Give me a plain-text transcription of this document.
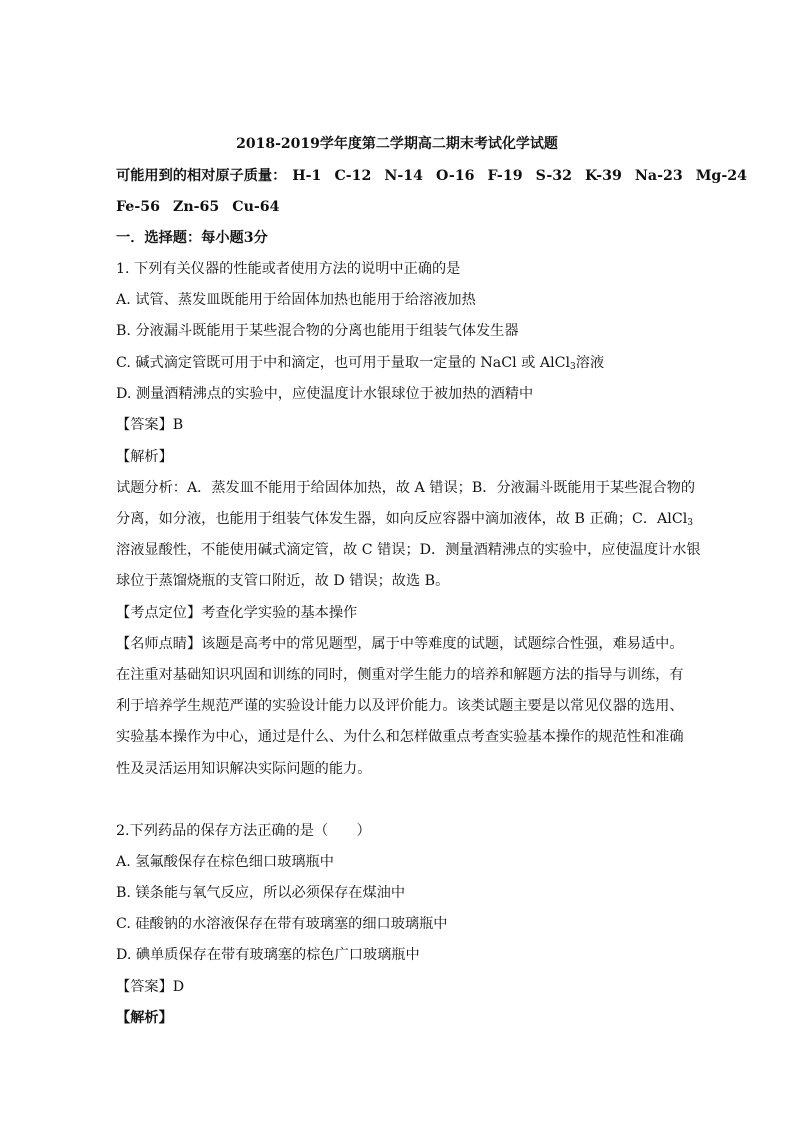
2018-2019学年度第二学期高二期末考试化学试题
可能用到的相对原子质量： H-1 C-12 N-14 O-16 F-19 S-32 K-39 Na-23 Mg-24
Fe-56 Zn-65 Cu-64
一．选择题：每小题3分
1. 下列有关仪器的性能或者使用方法的说明中正确的是
A. 试管、蒸发皿既能用于给固体加热也能用于给溶液加热
B. 分液漏斗既能用于某些混合物的分离也能用于组装气体发生器
C. 碱式滴定管既可用于中和滴定，也可用于量取一定量的 NaCl 或 AlCl$_3$溶液
D. 测量酒精沸点的实验中，应使温度计水银球位于被加热的酒精中
【答案】B
【解析】
试题分析：A．蒸发皿不能用于给固体加热，故 A 错误；B．分液漏斗既能用于某些混合物的
分离，如分液，也能用于组装气体发生器，如向反应容器中滴加液体，故 B 正确；C．AlCl$_3$
溶液显酸性，不能使用碱式滴定管，故 C 错误；D．测量酒精沸点的实验中，应使温度计水银
球位于蒸馏烧瓶的支管口附近，故 D 错误；故选 B。
【考点定位】考查化学实验的基本操作
【名师点睛】该题是高考中的常见题型，属于中等难度的试题，试题综合性强，难易适中。
在注重对基础知识巩固和训练的同时，侧重对学生能力的培养和解题方法的指导与训练，有
利于培养学生规范严谨的实验设计能力以及评价能力。该类试题主要是以常见仪器的选用、
实验基本操作为中心，通过是什么、为什么和怎样做重点考查实验基本操作的规范性和准确
性及灵活运用知识解决实际问题的能力。
2.下列药品的保存方法正确的是（　　）
A. 氢氟酸保存在棕色细口玻璃瓶中
B. 镁条能与氧气反应，所以必须保存在煤油中
C. 硅酸钠的水溶液保存在带有玻璃塞的细口玻璃瓶中
D. 碘单质保存在带有玻璃塞的棕色广口玻璃瓶中
【答案】D
【解析】
